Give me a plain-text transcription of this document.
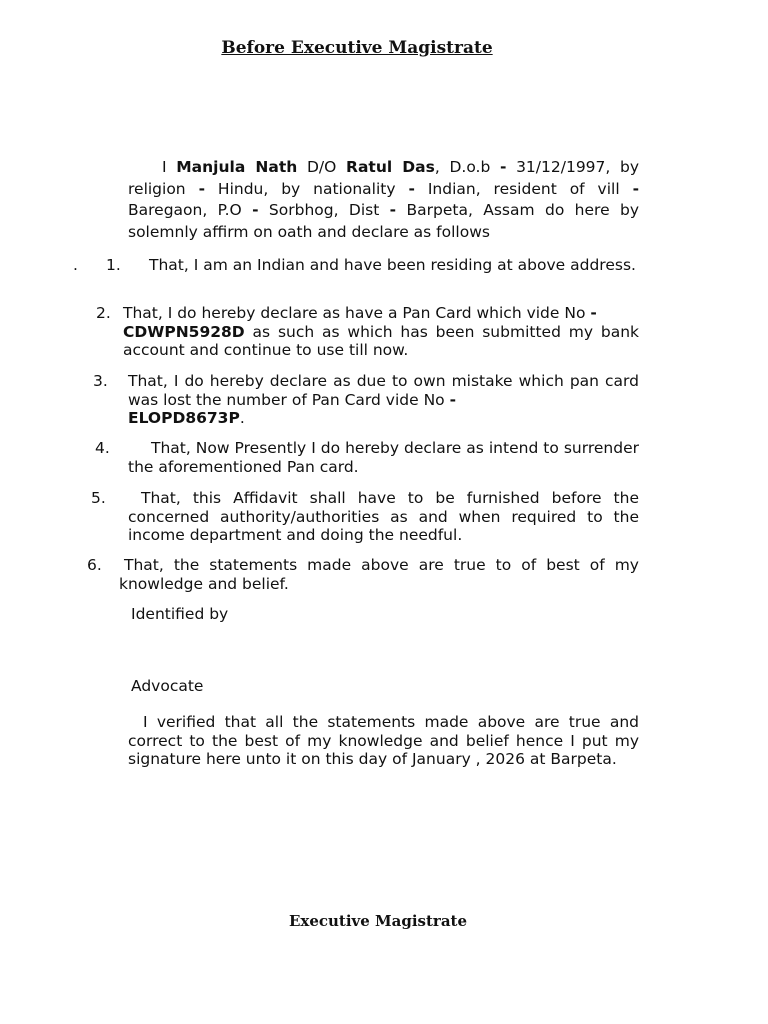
Before Executive Magistrate
I Manjula Nath D/O Ratul Das, D.o.b - 31/12/1997, by religion - Hindu, by nationality - Indian, resident of vill - Baregaon, P.O - Sorbhog, Dist - Barpeta, Assam do here by solemnly affirm on oath and declare as follows
. 1.	That, I am an Indian and have been residing at above address.
2. That, I do hereby declare as have a Pan Card which vide No -
CDWPN5928D as such as which has been submitted my bank account and continue to use till now.
3. That, I do hereby declare as due to own mistake which pan card was lost the number of Pan Card vide No -
ELOPD8673P.
4.	That, Now Presently I do hereby declare as intend to surrender the aforementioned Pan card.
5.	That, this Affidavit shall have to be furnished before the concerned authority/authorities as and when required to the income department and doing the needful.
6.	That, the statements made above are true to of best of my knowledge and belief.
Identified by
Advocate
I verified that all the statements made above are true and correct to the best of my knowledge and belief hence I put my signature here unto it on this day of January , 2026 at Barpeta.
Executive Magistrate
